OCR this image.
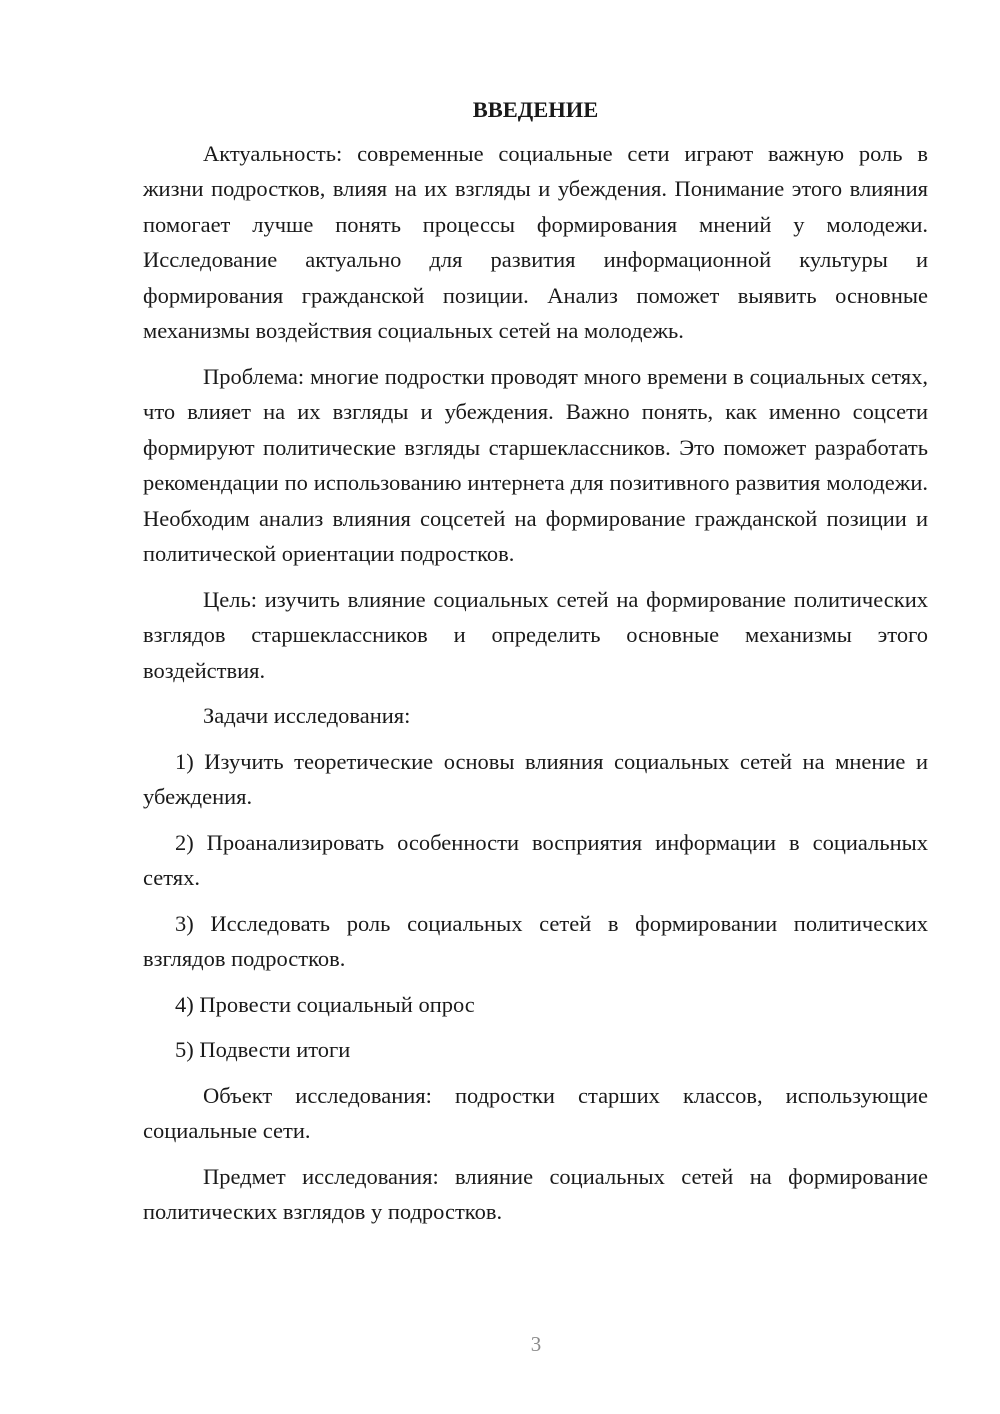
ВВЕДЕНИЕ

Актуальность: современные социальные сети играют важную роль в жизни подростков, влияя на их взгляды и убеждения. Понимание этого влияния помогает лучше понять процессы формирования мнений у молодежи. Исследование актуально для развития информационной культуры и формирования гражданской позиции. Анализ поможет выявить основные механизмы воздействия социальных сетей на молодежь.

Проблема: многие подростки проводят много времени в социальных сетях, что влияет на их взгляды и убеждения. Важно понять, как именно соцсети формируют политические взгляды старшеклассников. Это поможет разработать рекомендации по использованию интернета для позитивного развития молодежи. Необходим анализ влияния соцсетей на формирование гражданской позиции и политической ориентации подростков.

Цель: изучить влияние социальных сетей на формирование политических взглядов старшеклассников и определить основные механизмы этого воздействия.

Задачи исследования:

1) Изучить теоретические основы влияния социальных сетей на мнение и убеждения.

2) Проанализировать особенности восприятия информации в социальных сетях.

3) Исследовать роль социальных сетей в формировании политических взглядов подростков.

4) Провести социальный опрос

5) Подвести итоги

Объект исследования: подростки старших классов, использующие социальные сети.

Предмет исследования: влияние социальных сетей на формирование политических взглядов у подростков.

3
